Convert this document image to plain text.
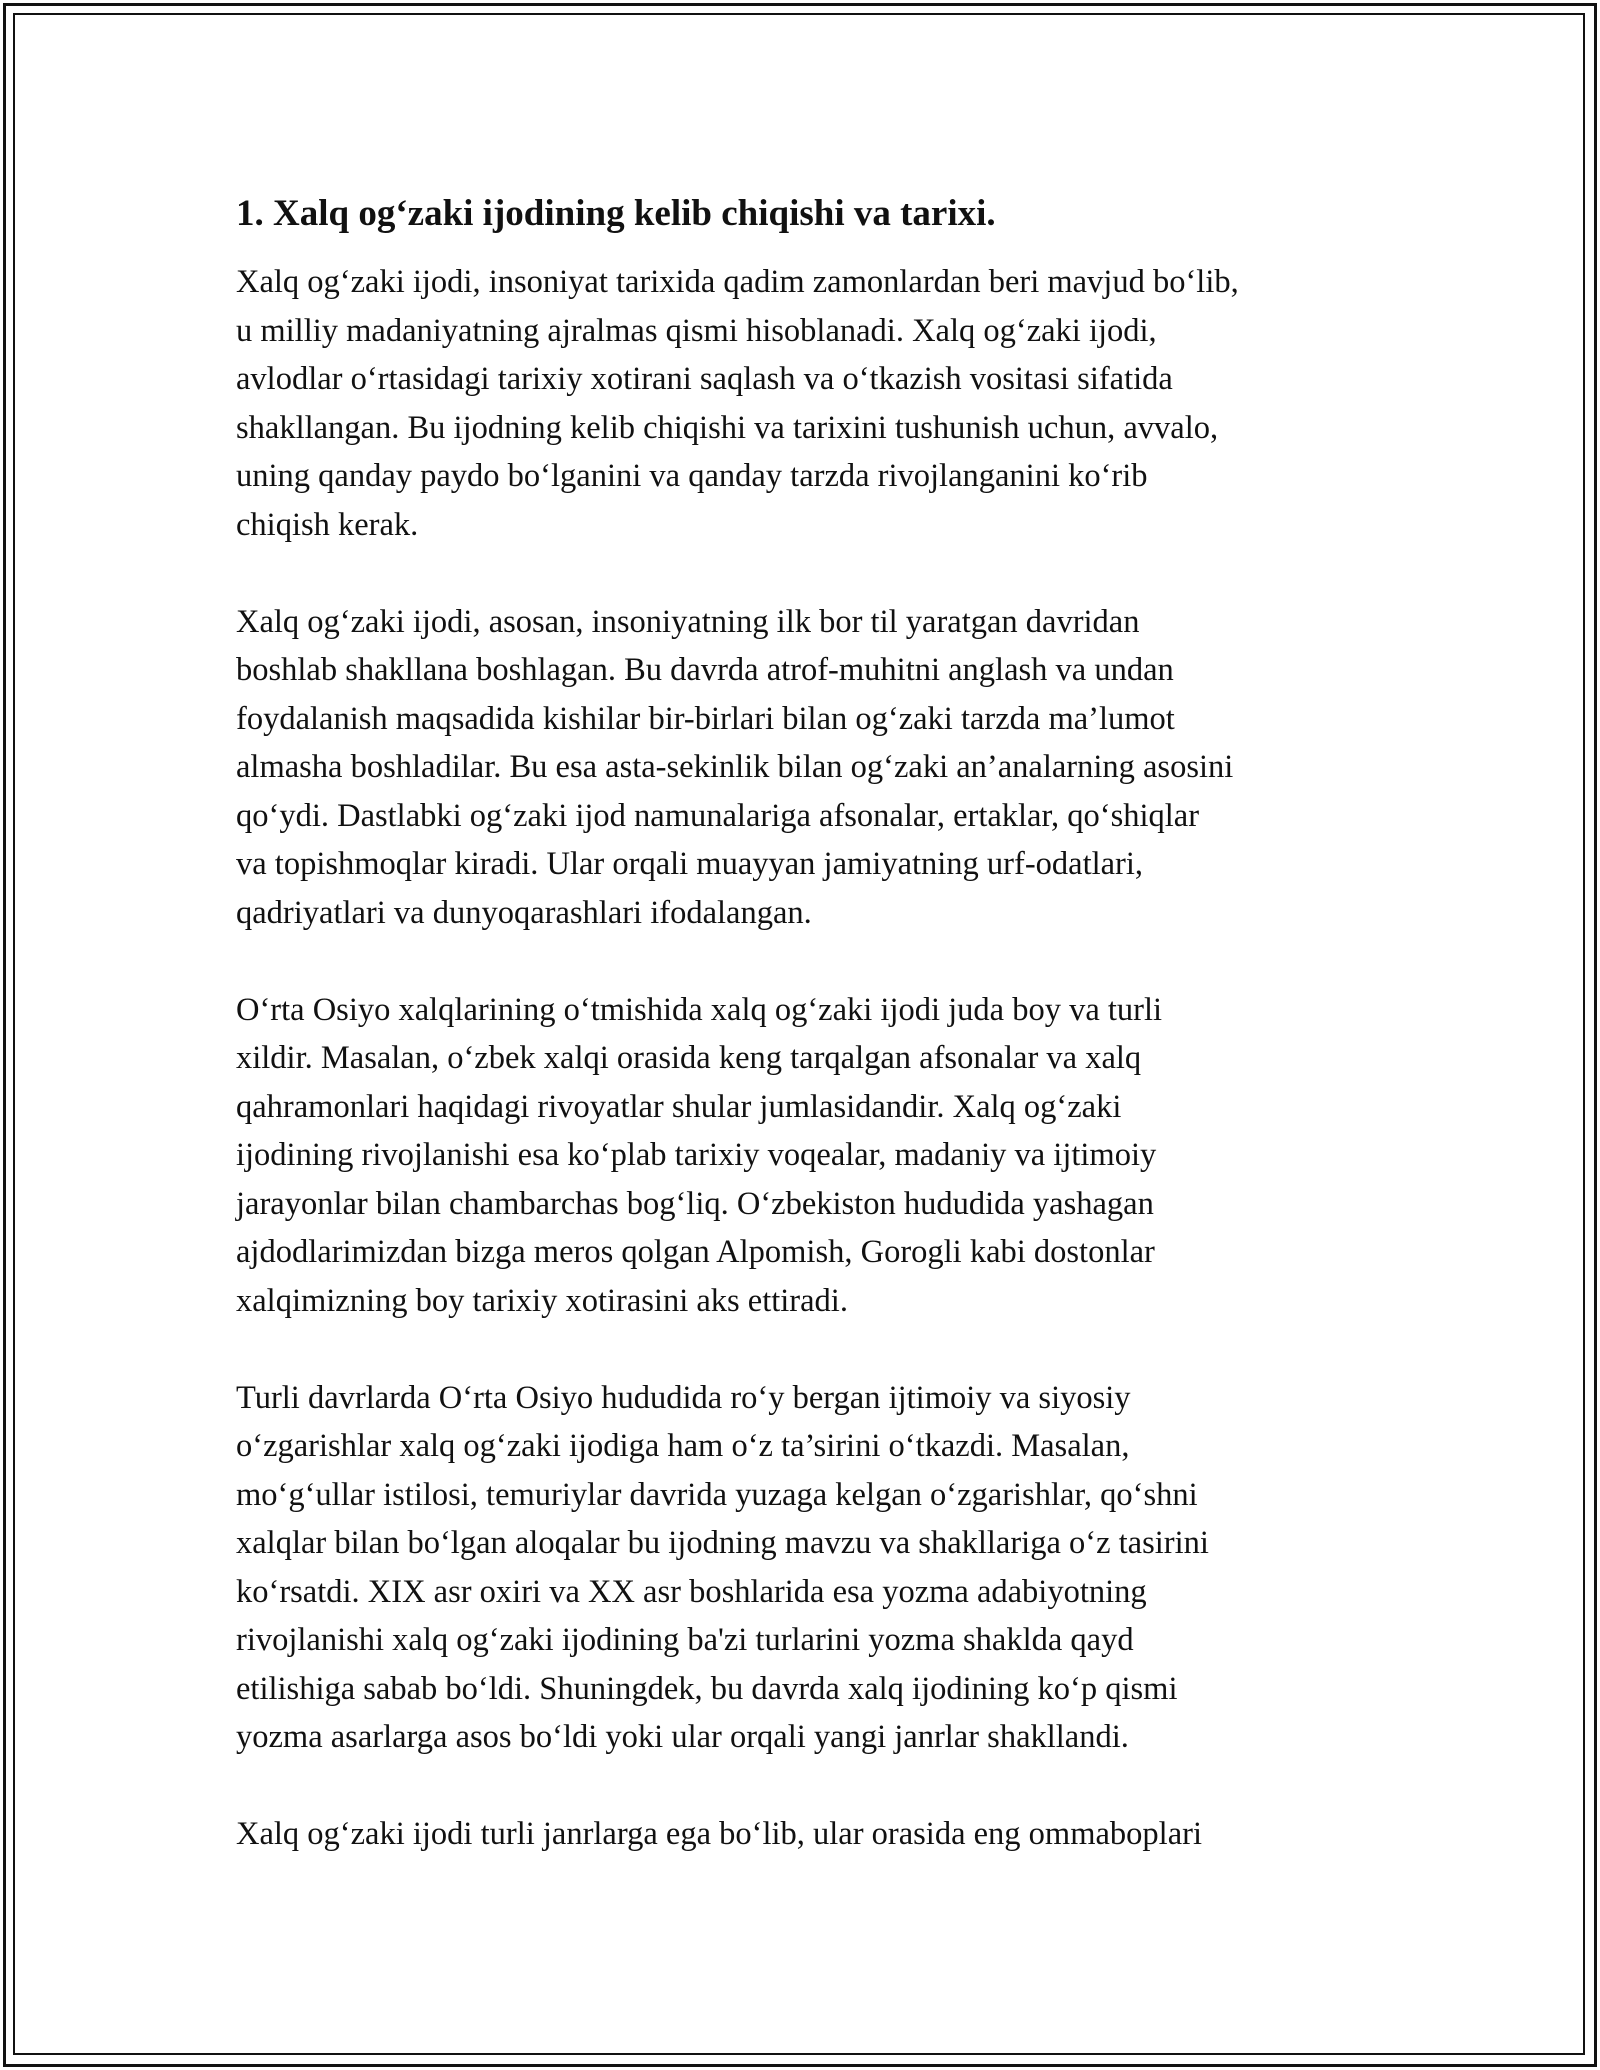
1. Xalq og‘zaki ijodining kelib chiqishi va tarixi.

Xalq og‘zaki ijodi, insoniyat tarixida qadim zamonlardan beri mavjud bo‘lib,
u milliy madaniyatning ajralmas qismi hisoblanadi. Xalq og‘zaki ijodi,
avlodlar o‘rtasidagi tarixiy xotirani saqlash va o‘tkazish vositasi sifatida
shakllangan. Bu ijodning kelib chiqishi va tarixini tushunish uchun, avvalo,
uning qanday paydo bo‘lganini va qanday tarzda rivojlanganini ko‘rib
chiqish kerak.

Xalq og‘zaki ijodi, asosan, insoniyatning ilk bor til yaratgan davridan
boshlab shakllana boshlagan. Bu davrda atrof-muhitni anglash va undan
foydalanish maqsadida kishilar bir-birlari bilan og‘zaki tarzda ma’lumot
almasha boshladilar. Bu esa asta-sekinlik bilan og‘zaki an’analarning asosini
qo‘ydi. Dastlabki og‘zaki ijod namunalariga afsonalar, ertaklar, qo‘shiqlar
va topishmoqlar kiradi. Ular orqali muayyan jamiyatning urf-odatlari,
qadriyatlari va dunyoqarashlari ifodalangan.

O‘rta Osiyo xalqlarining o‘tmishida xalq og‘zaki ijodi juda boy va turli
xildir. Masalan, o‘zbek xalqi orasida keng tarqalgan afsonalar va xalq
qahramonlari haqidagi rivoyatlar shular jumlasidandir. Xalq og‘zaki
ijodining rivojlanishi esa ko‘plab tarixiy voqealar, madaniy va ijtimoiy
jarayonlar bilan chambarchas bog‘liq. O‘zbekiston hududida yashagan
ajdodlarimizdan bizga meros qolgan Alpomish, Gorogli kabi dostonlar
xalqimizning boy tarixiy xotirasini aks ettiradi.

Turli davrlarda O‘rta Osiyo hududida ro‘y bergan ijtimoiy va siyosiy
o‘zgarishlar xalq og‘zaki ijodiga ham o‘z ta’sirini o‘tkazdi. Masalan,
mo‘g‘ullar istilosi, temuriylar davrida yuzaga kelgan o‘zgarishlar, qo‘shni
xalqlar bilan bo‘lgan aloqalar bu ijodning mavzu va shakllariga o‘z tasirini
ko‘rsatdi. XIX asr oxiri va XX asr boshlarida esa yozma adabiyotning
rivojlanishi xalq og‘zaki ijodining ba'zi turlarini yozma shaklda qayd
etilishiga sabab bo‘ldi. Shuningdek, bu davrda xalq ijodining ko‘p qismi
yozma asarlarga asos bo‘ldi yoki ular orqali yangi janrlar shakllandi.

Xalq og‘zaki ijodi turli janrlarga ega bo‘lib, ular orasida eng ommaboplari
